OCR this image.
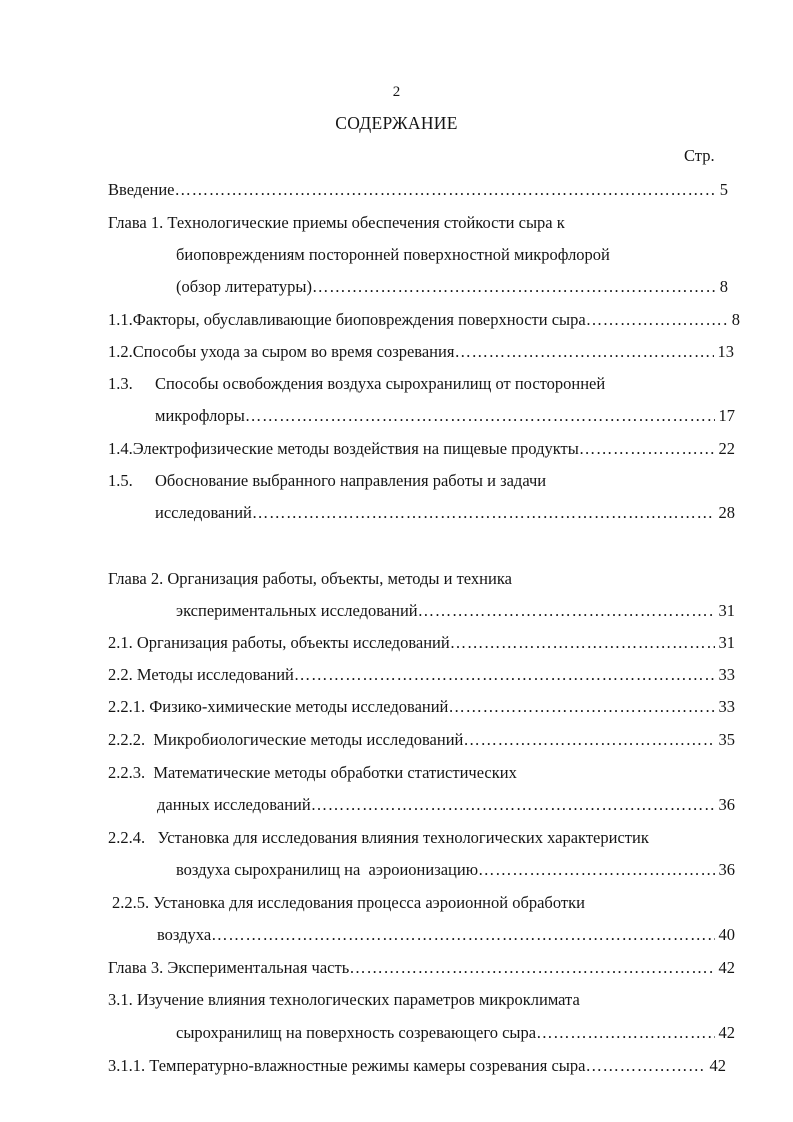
2
СОДЕРЖАНИЕ
Стр.
Введение …………………………………………………………………………………………………………………………	5
Глава 1. Технологические приемы обеспечения стойкости сыра к
биоповреждениям посторонней поверхностной микрофлорой
(обзор литературы) …………………………………………………………………………………………………………………………	8
1.1. Факторы, обуславливающие биоповреждения поверхности сыра …………………………………………………………………………………………………………………………	8
1.2. Способы ухода за сыром во время созревания …………………………………………………………………………………………………………………………	13
1.3.	Способы освобождения воздуха сырохранилищ от посторонней
микрофлоры …………………………………………………………………………………………………………………………	17
1.4. Электрофизические методы воздействия на пищевые продукты …………………………………………………………………………………………………………………………	22
1.5.	Обоснование выбранного направления работы и задачи
исследований …………………………………………………………………………………………………………………………	28
Глава 2. Организация работы, объекты, методы и техника
экспериментальных исследований …………………………………………………………………………………………………………………………	31
2.1. Организация работы, объекты исследований …………………………………………………………………………………………………………………………	31
2.2. Методы исследований …………………………………………………………………………………………………………………………	33
2.2.1. Физико-химические методы исследований …………………………………………………………………………………………………………………………	33
2.2.2.  Микробиологические методы исследований …………………………………………………………………………………………………………………………	35
2.2.3.  Математические методы обработки статистических
данных исследований …………………………………………………………………………………………………………………………	36
2.2.4.   Установка для исследования влияния технологических характеристик
воздуха сырохранилищ на  аэроионизацию …………………………………………………………………………………………………………………………	36
2.2.5. Установка для исследования процесса аэроионной обработки
воздуха …………………………………………………………………………………………………………………………	40
Глава 3. Экспериментальная часть …………………………………………………………………………………………………………………………	42
3.1. Изучение влияния технологических параметров микроклимата
сырохранилищ на поверхность созревающего сыра …………………………………………………………………………………………………………………………	42
3.1.1. Температурно-влажностные режимы камеры созревания сыра …………………………………………………………………………………………………………………………	42
